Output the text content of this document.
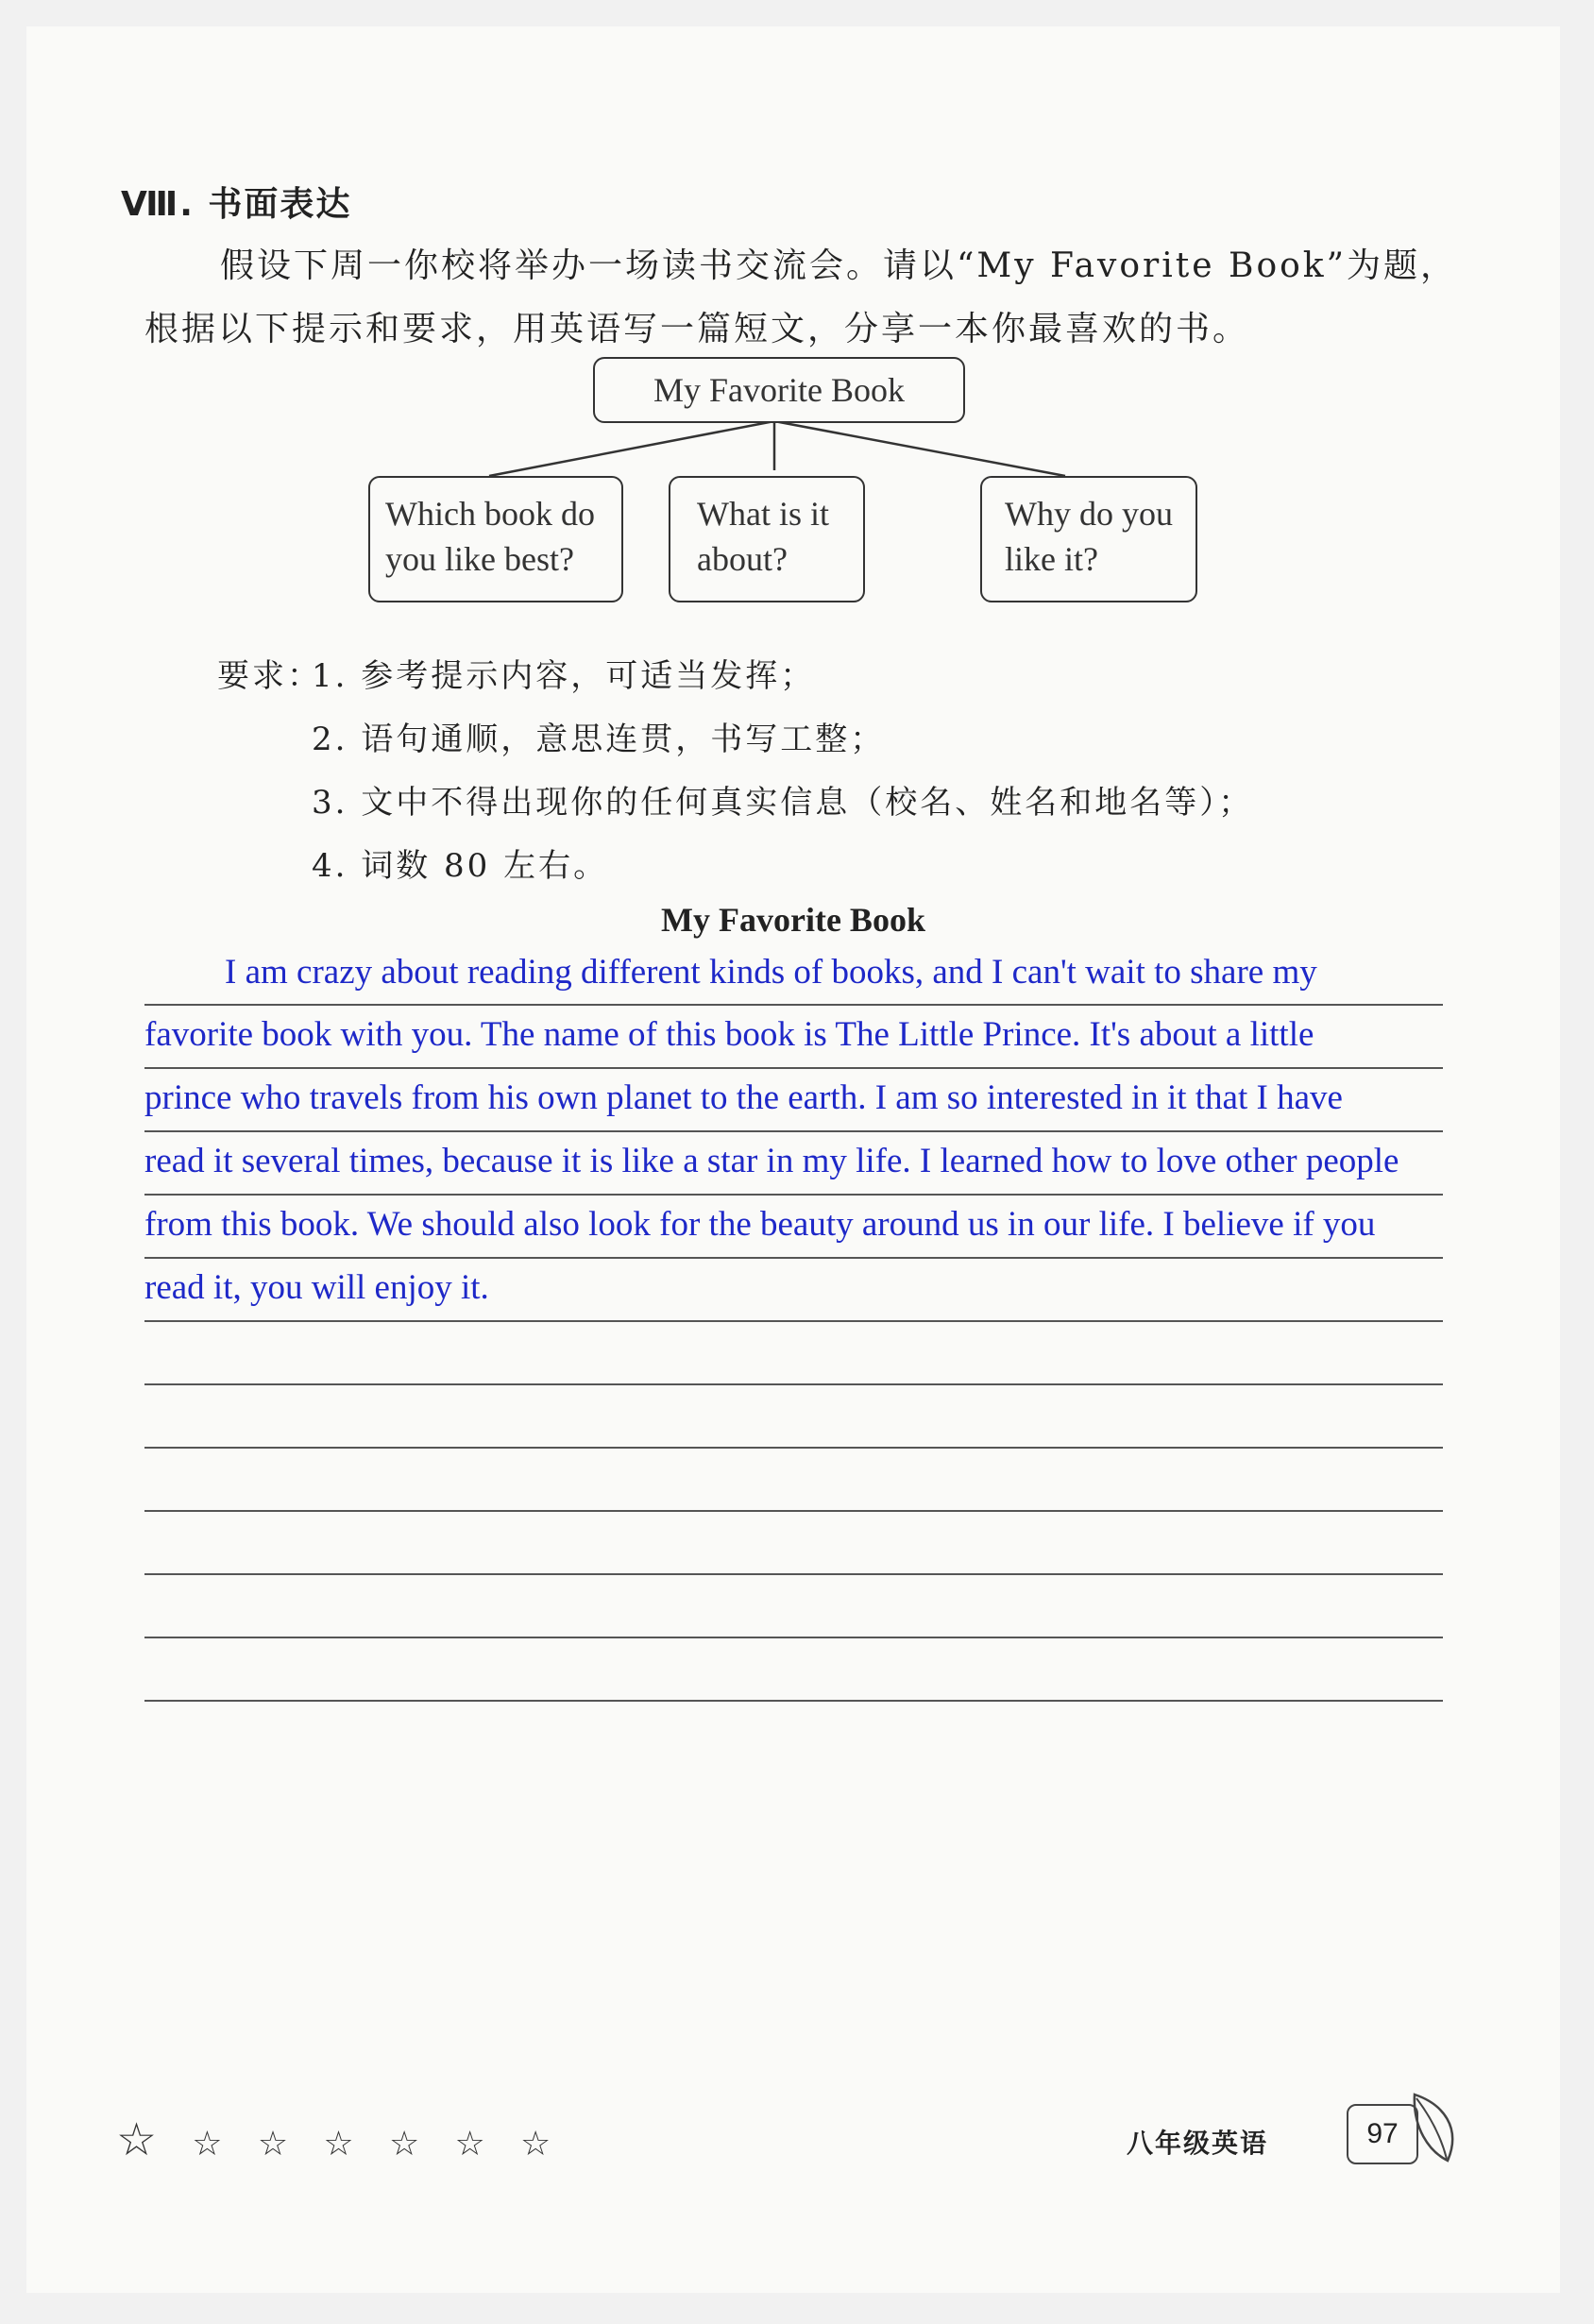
Ⅷ. 书面表达
假设下周一你校将举办一场读书交流会。请以“My Favorite Book”为题，
根据以下提示和要求，用英语写一篇短文，分享一本你最喜欢的书。
My Favorite Book
Which book do
you like best?
What is it
about?
Why do you
like it?
要求：
1. 参考提示内容，可适当发挥；
2. 语句通顺，意思连贯，书写工整；
3. 文中不得出现你的任何真实信息（校名、姓名和地名等）；
4. 词数 80 左右。
My Favorite Book
I am crazy about reading different kinds of books, and I can't wait to share my
favorite book with you. The name of this book is The Little Prince. It's about a little
prince who travels from his own planet to the earth. I am so interested in it that I have
read it several times, because it is like a star in my life. I learned how to love other people
from this book. We should also look for the beauty around us in our life. I believe if you
read it, you will enjoy it.
☆ ☆ ☆ ☆ ☆ ☆ ☆	八年级英语	97
